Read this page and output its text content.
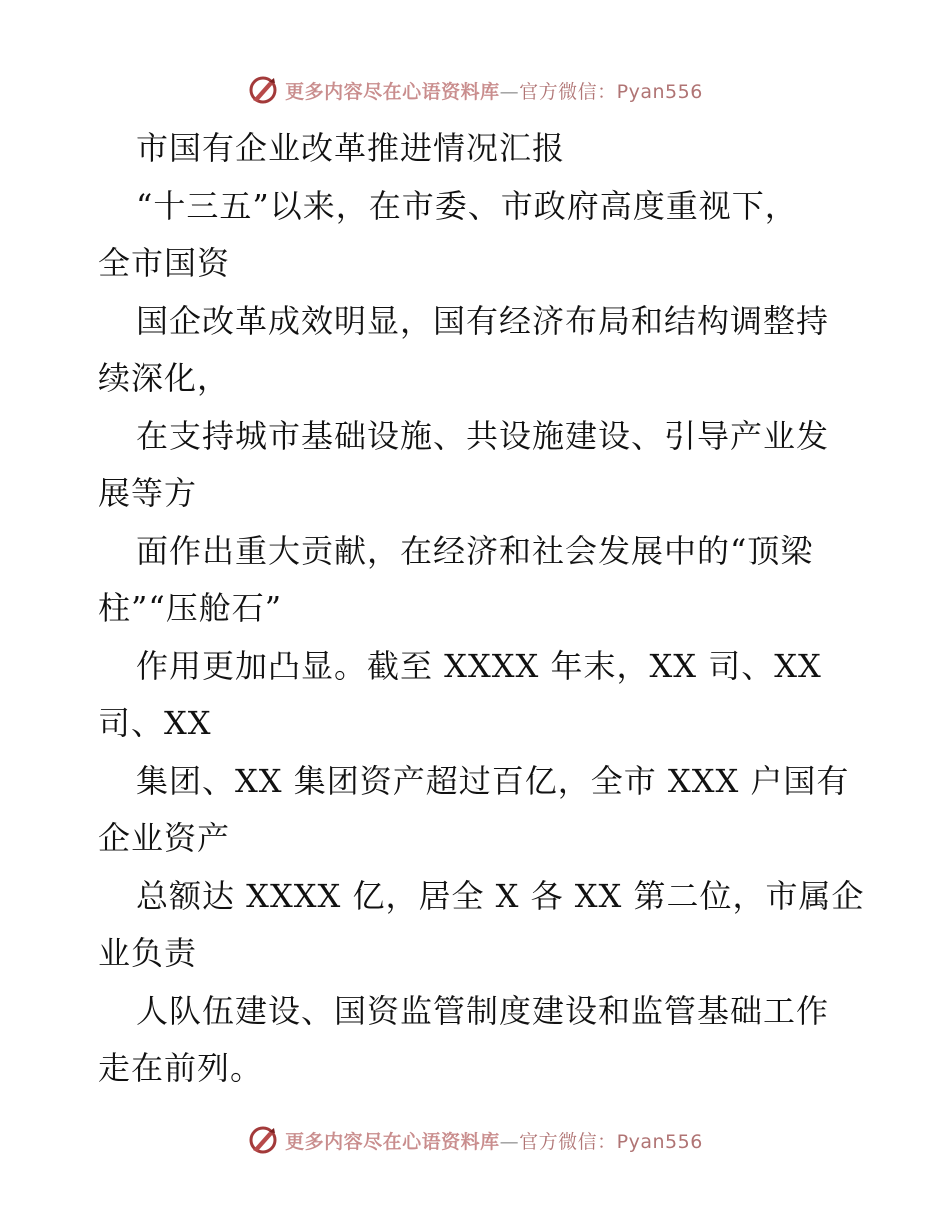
更多内容尽在心语资料库—官方微信：Pyan556
市国有企业改革推进情况汇报
“十三五”以来，在市委、市政府高度重视下，
全市国资
国企改革成效明显，国有经济布局和结构调整持
续深化，
在支持城市基础设施、共设施建设、引导产业发
展等方
面作出重大贡献，在经济和社会发展中的“顶梁
柱”“压舱石”
作用更加凸显。截至 XXXX 年末，XX 司、XX
司、XX
集团、XX 集团资产超过百亿，全市 XXX 户国有
企业资产
总额达 XXXX 亿，居全 X 各 XX 第二位，市属企
业负责
人队伍建设、国资监管制度建设和监管基础工作
走在前列。
更多内容尽在心语资料库—官方微信：Pyan556
